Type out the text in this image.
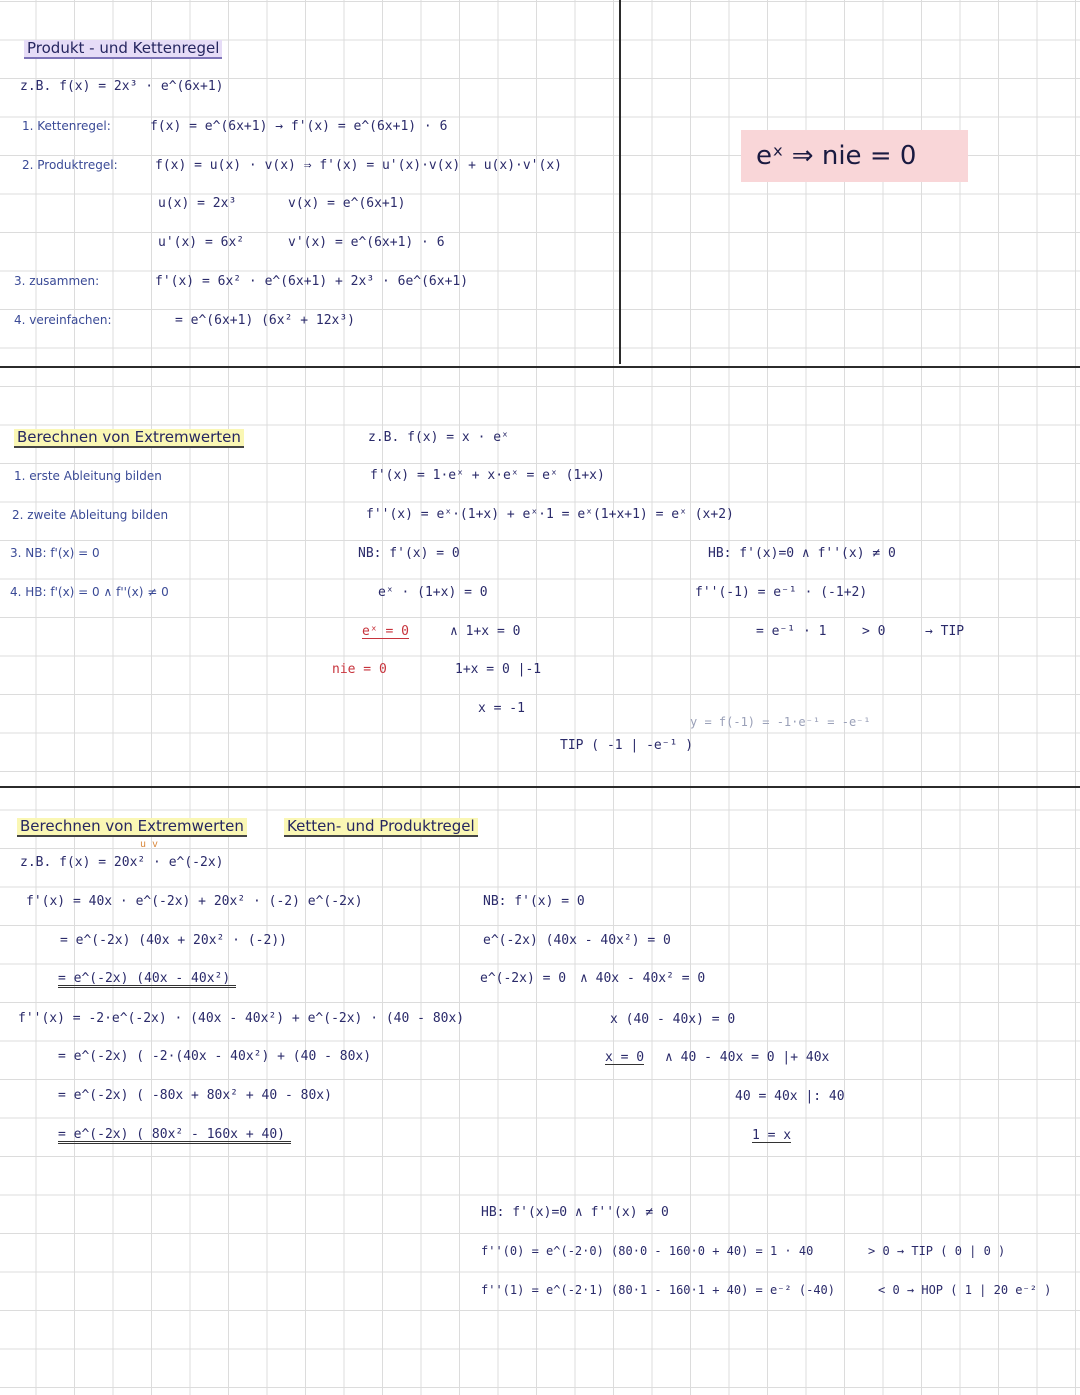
Produkt - und Kettenregel
z.B. f(x) = 2x³ · e^(6x+1)
1. Kettenregel:	f(x) = e^(6x+1) → f'(x) = e^(6x+1) · 6
2. Produktregel:	f(x) = u(x) · v(x) ⇒ f'(x) = u'(x)·v(x) + u(x)·v'(x)
u(x) = 2x³	v(x) = e^(6x+1)
u'(x) = 6x²	v'(x) = e^(6x+1) · 6
3. zusammen:	f'(x) = 6x² · e^(6x+1) + 2x³ · 6e^(6x+1)
4. vereinfachen:	= e^(6x+1) (6x² + 12x³)
eˣ ⇒ nie = 0
Berechnen von Extremwerten
1. erste Ableitung bilden
2. zweite Ableitung bilden
3. NB: f'(x) = 0
4. HB: f'(x) = 0 ∧ f''(x) ≠ 0
z.B. f(x) = x · eˣ
f'(x) = 1·eˣ + x·eˣ = eˣ (1+x)
f''(x) = eˣ·(1+x) + eˣ·1 = eˣ(1+x+1) = eˣ (x+2)
NB: f'(x) = 0
eˣ · (1+x) = 0
eˣ = 0	∧ 1+x = 0
nie = 0	1+x = 0 |-1
x = -1
HB: f'(x)=0 ∧ f''(x) ≠ 0
f''(-1) = e⁻¹ · (-1+2)
= e⁻¹ · 1	> 0	→ TIP
y = f(-1) = -1·e⁻¹ = -e⁻¹
TIP ( -1 | -e⁻¹ )
Berechnen von Extremwerten	Ketten- und Produktregel
u v
z.B. f(x) = 20x² · e^(-2x)
f'(x) = 40x · e^(-2x) + 20x² · (-2) e^(-2x)
= e^(-2x) (40x + 20x² · (-2))
= e^(-2x) (40x - 40x²)
f''(x) = -2·e^(-2x) · (40x - 40x²) + e^(-2x) · (40 - 80x)
= e^(-2x) ( -2·(40x - 40x²) + (40 - 80x)
= e^(-2x) ( -80x + 80x² + 40 - 80x)
= e^(-2x) ( 80x² - 160x + 40)
NB: f'(x) = 0
e^(-2x) (40x - 40x²) = 0
e^(-2x) = 0 ∧ 40x - 40x² = 0
x (40 - 40x) = 0
x = 0 ∧ 40 - 40x = 0 |+ 40x
40 = 40x |: 40
1 = x
HB: f'(x)=0 ∧ f''(x) ≠ 0
f''(0) = e^(-2·0) (80·0 - 160·0 + 40) = 1 · 40	> 0 → TIP ( 0 | 0 )
f''(1) = e^(-2·1) (80·1 - 160·1 + 40) = e⁻² (-40)	< 0 → HOP ( 1 | 20 e⁻² )
